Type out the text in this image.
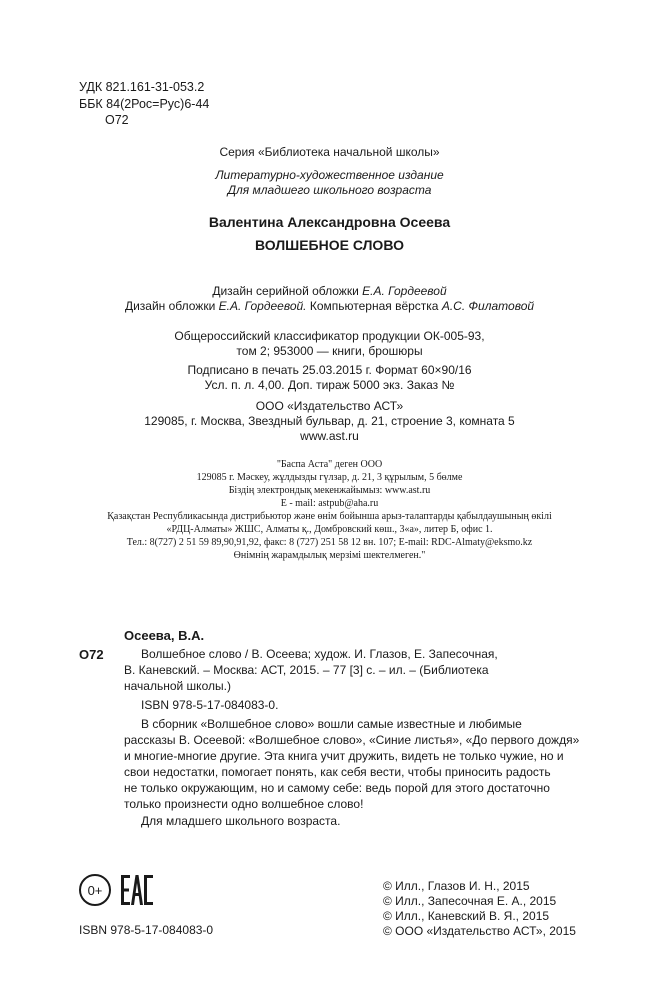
УДК 821.161-31-053.2
ББК 84(2Рос=Рус)6-44
О72
Серия «Библиотека начальной школы»
Литературно-художественное издание
Для младшего школьного возраста
Валентина Александровна Осеева
ВОЛШЕБНОЕ СЛОВО
Дизайн серийной обложки Е.А. Гордеевой
Дизайн обложки Е.А. Гордеевой. Компьютерная вёрстка А.С. Филатовой
Общероссийский классификатор продукции ОК-005-93,
том 2; 953000 — книги, брошюры
Подписано в печать 25.03.2015 г. Формат 60×90/16
Усл. п. л. 4,00. Доп. тираж 5000 экз. Заказ №
ООО «Издательство АСТ»
129085, г. Москва, Звездный бульвар, д. 21, строение 3, комната 5
www.ast.ru
"Баспа Аста" деген ООО
129085 г. Мәскеу, жұлдызды гүлзар, д. 21, 3 құрылым, 5 бөлме
Біздің электрондық мекенжайымыз: www.ast.ru
E - mail: astpub@aha.ru
Қазақстан Республикасында дистрибьютор және өнім бойынша арыз-талаптарды қабылдаушының өкілі
«РДЦ-Алматы» ЖШС, Алматы қ., Домбровский көш., 3«а», литер Б, офис 1.
Тел.: 8(727) 2 51 59 89,90,91,92, факс: 8 (727) 251 58 12 вн. 107; E-mail: RDC-Almaty@eksmo.kz
Өнімнің жарамдылық мерзімі шектелмеген."
Осеева, В.А.
О72	Волшебное слово / В. Осеева; худож. И. Глазов, Е. Запесочная,
В. Каневский. – Москва: АСТ, 2015. – 77 [3] с. – ил. – (Библиотека
начальной школы.)
ISBN 978-5-17-084083-0.
В сборник «Волшебное слово» вошли самые известные и любимые
рассказы В. Осеевой: «Волшебное слово», «Синие листья», «До первого дождя»
и многие-многие другие. Эта книга учит дружить, видеть не только чужие, но и
свои недостатки, помогает понять, как себя вести, чтобы приносить радость
не только окружающим, но и самому себе: ведь порой для этого достаточно
только произнести одно волшебное слово!
Для младшего школьного возраста.
0+
ISBN 978-5-17-084083-0
© Илл., Глазов И. Н., 2015
© Илл., Запесочная Е. А., 2015
© Илл., Каневский В. Я., 2015
© ООО «Издательство АСТ», 2015
